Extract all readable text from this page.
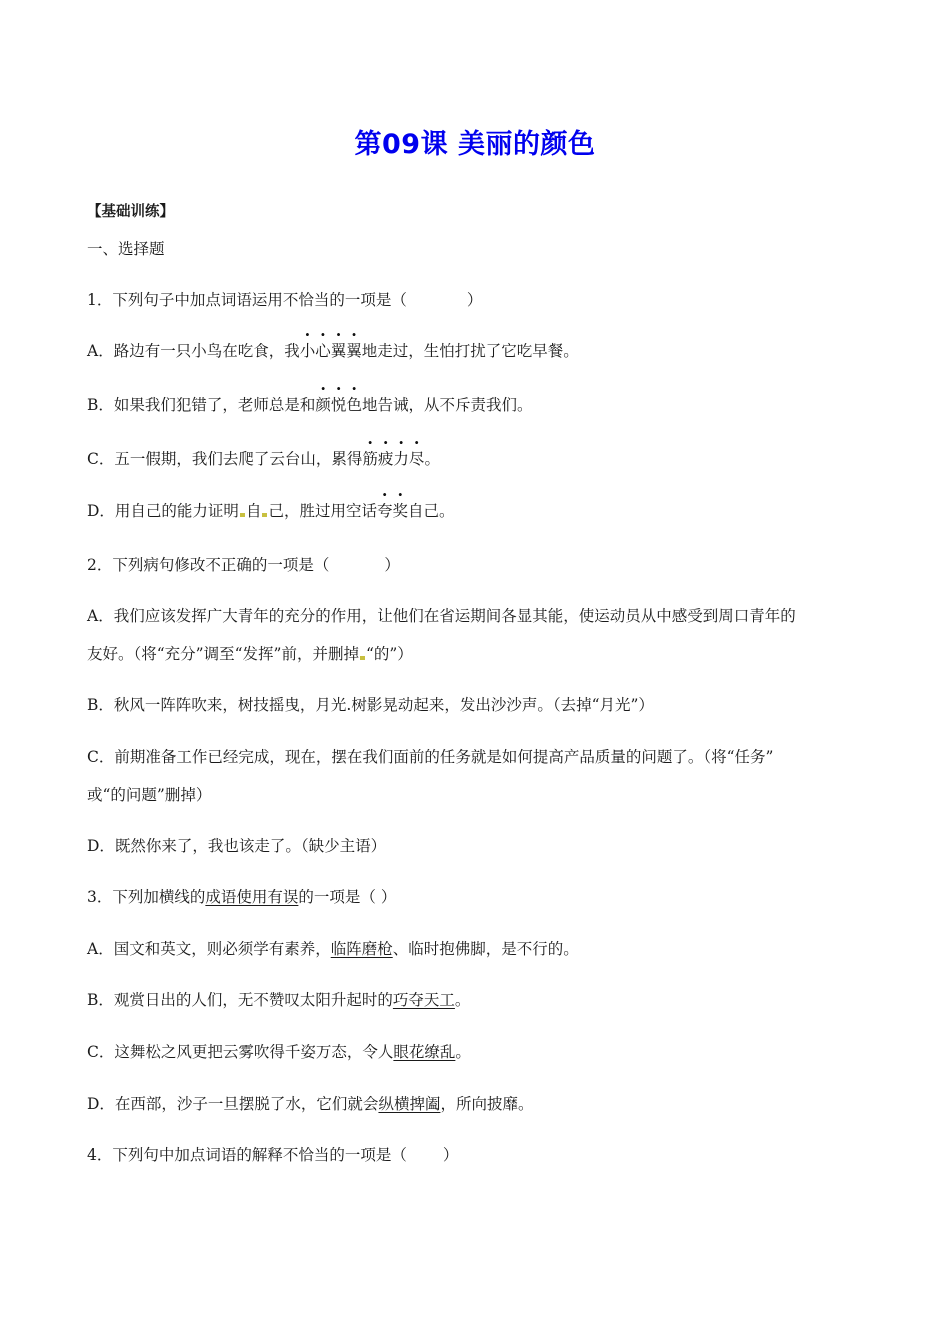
第09课 美丽的颜色
【基础训练】
一、选择题
1．下列句子中加点词语运用不恰当的一项是（	）
A．路边有一只小鸟在吃食，我小心翼翼地走过，生怕打扰了它吃早餐。
B．如果我们犯错了，老师总是和颜悦色地告诫，从不斥责我们。
C．五一假期，我们去爬了云台山，累得筋疲力尽。
D．用自己的能力证明 自 己，胜过用空话夸奖自己。
2．下列病句修改不正确的一项是（	）
A．我们应该发挥广大青年的充分的作用，让他们在省运期间各显其能，使运动员从中感受到周口青年的
友好。（将“充分”调至“发挥”前，并删掉 “的”）
B．秋风一阵阵吹来，树技摇曳，月光.树影晃动起来，发出沙沙声。（去掉“月光”）
C．前期准备工作已经完成，现在，摆在我们面前的任务就是如何提高产品质量的问题了。（将“任务”
或“的问题”删掉）
D．既然你来了，我也该走了。（缺少主语）
3．下列加横线的成语使用有误的一项是（ ）
A．国文和英文，则必须学有素养，临阵磨枪、临时抱佛脚，是不行的。
B．观赏日出的人们，无不赞叹太阳升起时的巧夺天工。
C．这舞松之风更把云雾吹得千姿万态，令人眼花缭乱。
D．在西部，沙子一旦摆脱了水，它们就会纵横捭阖，所向披靡。
4．下列句中加点词语的解释不恰当的一项是（ ）
